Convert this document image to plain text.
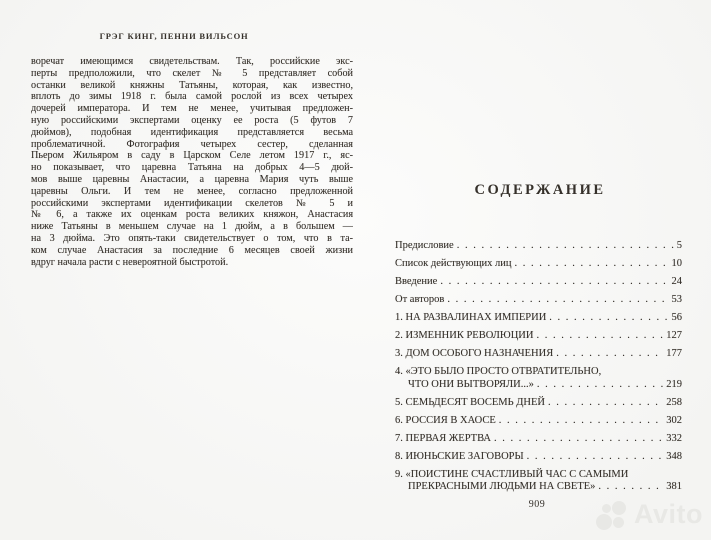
ГРЭГ КИНГ, ПЕННИ ВИЛЬСОН
воречат имеющимся свидетельствам. Так, российские экс-
перты предположили, что скелет № 5 представляет собой
останки великой княжны Татьяны, которая, как известно,
вплоть до зимы 1918 г. была самой рослой из всех четырех
дочерей императора. И тем не менее, учитывая предложен-
ную российскими экспертами оценку ее роста (5 футов 7
дюймов), подобная идентификация представляется весьма
проблематичной. Фотография четырех сестер, сделанная
Пьером Жильяром в саду в Царском Селе летом 1917 г., яс-
но показывает, что царевна Татьяна на добрых 4—5 дюй-
мов выше царевны Анастасии, а царевна Мария чуть выше
царевны Ольги. И тем не менее, согласно предложенной
российскими экспертами идентификации скелетов № 5 и
№ 6, а также их оценкам роста великих княжон, Анастасия
ниже Татьяны в меньшем случае на 1 дюйм, а в большем —
на 3 дюйма. Это опять-таки свидетельствует о том, что в та-
ком случае Анастасия за последние 6 месяцев своей жизни
вдруг начала расти с невероятной быстротой.
СОДЕРЖАНИЕ
Предисловие . . .	5
Список действующих лиц . . .	10
Введение . . .	24
От авторов . . .	53
1. НА РАЗВАЛИНАХ ИМПЕРИИ . . .	56
2. ИЗМЕННИК РЕВОЛЮЦИИ . . .	127
3. ДОМ ОСОБОГО НАЗНАЧЕНИЯ . . .	177
4. «ЭТО БЫЛО ПРОСТО ОТВРАТИТЕЛЬНО,
ЧТО ОНИ ВЫТВОРЯЛИ...» . . .	219
5. СЕМЬДЕСЯТ ВОСЕМЬ ДНЕЙ . . .	258
6. РОССИЯ В ХАОСЕ . . .	302
7. ПЕРВАЯ ЖЕРТВА . . .	332
8. ИЮНЬСКИЕ ЗАГОВОРЫ . . .	348
9. «ПОИСТИНЕ СЧАСТЛИВЫЙ ЧАС С САМЫМИ
ПРЕКРАСНЫМИ ЛЮДЬМИ НА СВЕТЕ» . . .	381
909	Avito
